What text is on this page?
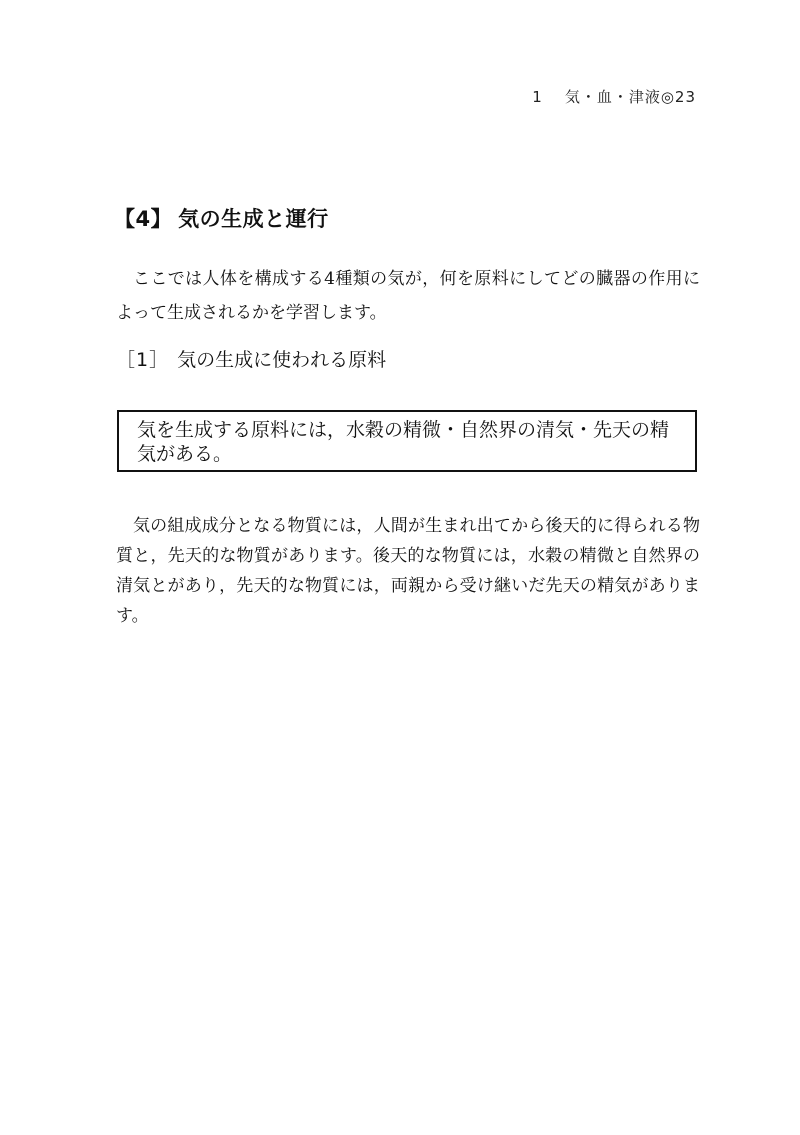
1 気・血・津液◎23
【4】 気の生成と運行

ここでは人体を構成する4種類の気が，何を原料にしてどの臓器の作用によって生成されるかを学習します。

［1］ 気の生成に使われる原料
気を生成する原料には，水穀の精微・自然界の清気・先天の精気がある。

気の組成成分となる物質には，人間が生まれ出てから後天的に得られる物質と，先天的な物質があります。後天的な物質には，水穀の精微と自然界の清気とがあり，先天的な物質には，両親から受け継いだ先天の精気があります。
